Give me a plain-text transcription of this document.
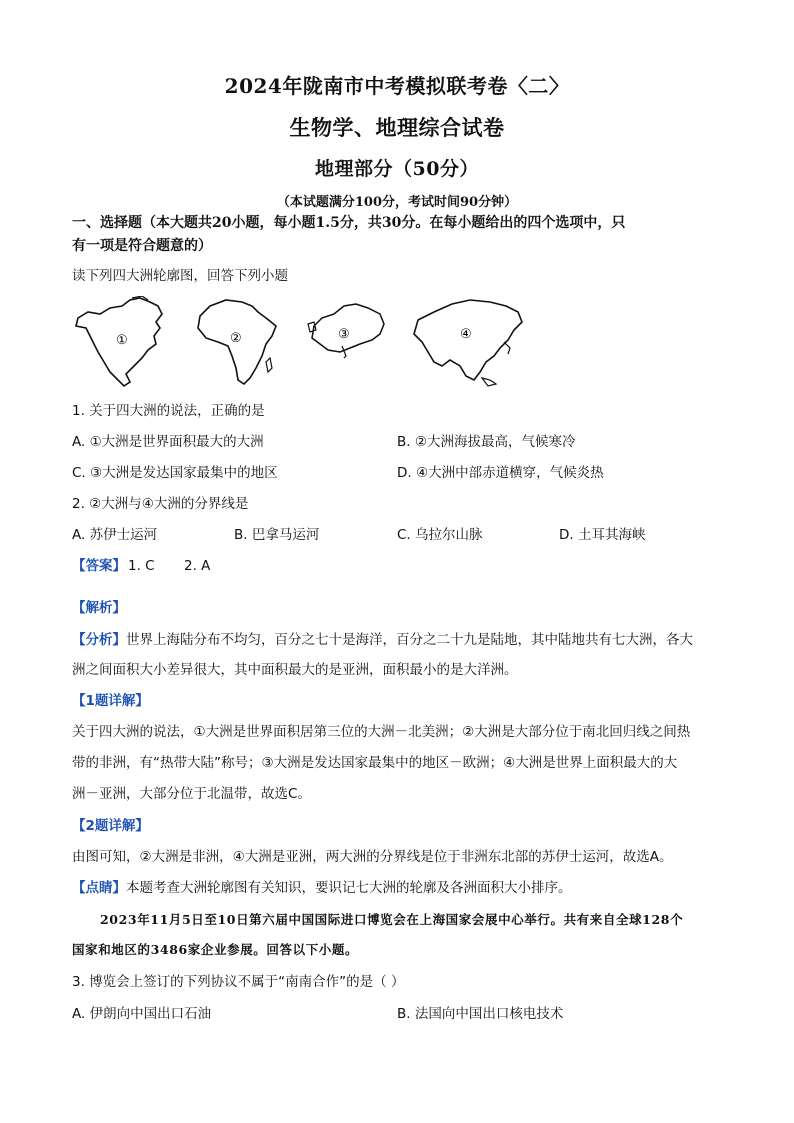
2024年陇南市中考模拟联考卷〈二〉
生物学、地理综合试卷
地理部分（50分）
（本试题满分100分，考试时间90分钟）
一、选择题（本大题共20小题，每小题1.5分，共30分。在每小题给出的四个选项中，只
有一项是符合题意的）
读下列四大洲轮廓图，回答下列小题
①	②	③	④
1. 关于四大洲的说法，正确的是
A. ①大洲是世界面积最大的大洲	B. ②大洲海拔最高，气候寒冷
C. ③大洲是发达国家最集中的地区	D. ④大洲中部赤道横穿，气候炎热
2. ②大洲与④大洲的分界线是
A. 苏伊士运河	B. 巴拿马运河	C. 乌拉尔山脉	D. 土耳其海峡
【答案】 1. C 2. A
【解析】
【分析】世界上海陆分布不均匀，百分之七十是海洋，百分之二十九是陆地，其中陆地共有七大洲，各大
洲之间面积大小差异很大，其中面积最大的是亚洲，面积最小的是大洋洲。
【1题详解】
关于四大洲的说法，①大洲是世界面积居第三位的大洲－北美洲；②大洲是大部分位于南北回归线之间热
带的非洲，有“热带大陆”称号；③大洲是发达国家最集中的地区－欧洲；④大洲是世界上面积最大的大
洲－亚洲，大部分位于北温带，故选C。
【2题详解】
由图可知，②大洲是非洲，④大洲是亚洲，两大洲的分界线是位于非洲东北部的苏伊士运河，故选A。
【点睛】本题考查大洲轮廓图有关知识，要识记七大洲的轮廓及各洲面积大小排序。
2023年11月5日至10日第六届中国国际进口博览会在上海国家会展中心举行。共有来自全球128个
国家和地区的3486家企业参展。回答以下小题。
3. 博览会上签订的下列协议不属于“南南合作”的是（ ）
A. 伊朗向中国出口石油	B. 法国向中国出口核电技术
